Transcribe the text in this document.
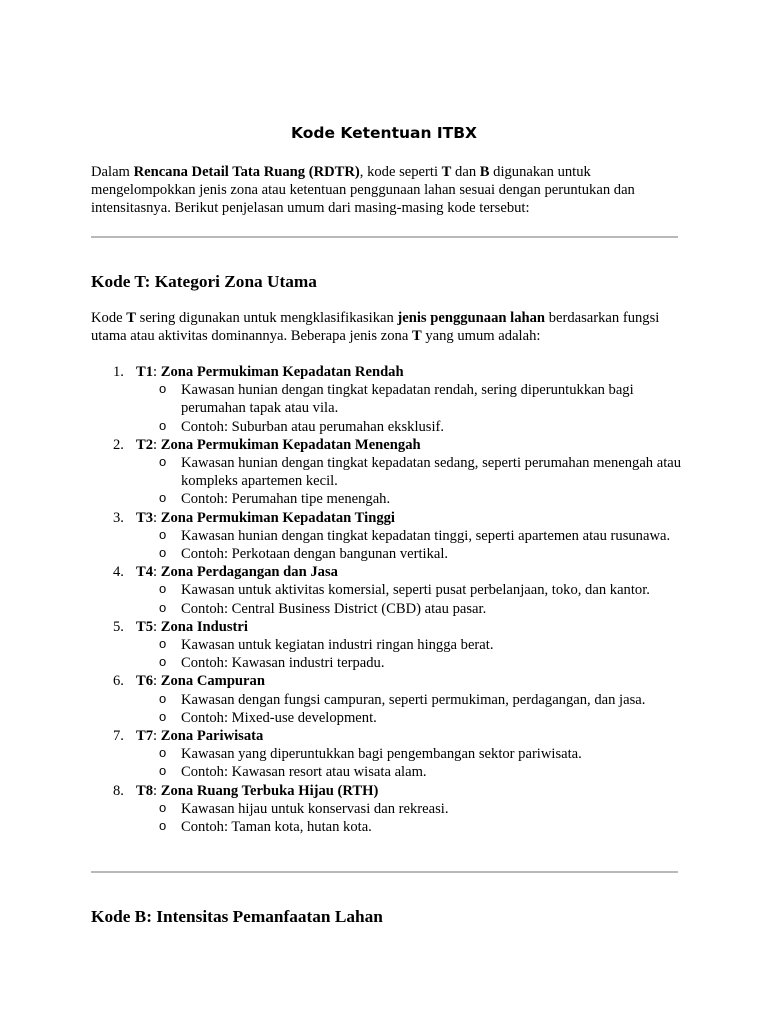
Kode Ketentuan ITBX

Dalam Rencana Detail Tata Ruang (RDTR), kode seperti T dan B digunakan untuk mengelompokkan jenis zona atau ketentuan penggunaan lahan sesuai dengan peruntukan dan intensitasnya. Berikut penjelasan umum dari masing-masing kode tersebut:

Kode T: Kategori Zona Utama

Kode T sering digunakan untuk mengklasifikasikan jenis penggunaan lahan berdasarkan fungsi utama atau aktivitas dominannya. Beberapa jenis zona T yang umum adalah:

1. T1: Zona Permukiman Kepadatan Rendah
o Kawasan hunian dengan tingkat kepadatan rendah, sering diperuntukkan bagi perumahan tapak atau vila.
o Contoh: Suburban atau perumahan eksklusif.
2. T2: Zona Permukiman Kepadatan Menengah
o Kawasan hunian dengan tingkat kepadatan sedang, seperti perumahan menengah atau kompleks apartemen kecil.
o Contoh: Perumahan tipe menengah.
3. T3: Zona Permukiman Kepadatan Tinggi
o Kawasan hunian dengan tingkat kepadatan tinggi, seperti apartemen atau rusunawa.
o Contoh: Perkotaan dengan bangunan vertikal.
4. T4: Zona Perdagangan dan Jasa
o Kawasan untuk aktivitas komersial, seperti pusat perbelanjaan, toko, dan kantor.
o Contoh: Central Business District (CBD) atau pasar.
5. T5: Zona Industri
o Kawasan untuk kegiatan industri ringan hingga berat.
o Contoh: Kawasan industri terpadu.
6. T6: Zona Campuran
o Kawasan dengan fungsi campuran, seperti permukiman, perdagangan, dan jasa.
o Contoh: Mixed-use development.
7. T7: Zona Pariwisata
o Kawasan yang diperuntukkan bagi pengembangan sektor pariwisata.
o Contoh: Kawasan resort atau wisata alam.
8. T8: Zona Ruang Terbuka Hijau (RTH)
o Kawasan hijau untuk konservasi dan rekreasi.
o Contoh: Taman kota, hutan kota.
Kode B: Intensitas Pemanfaatan Lahan
